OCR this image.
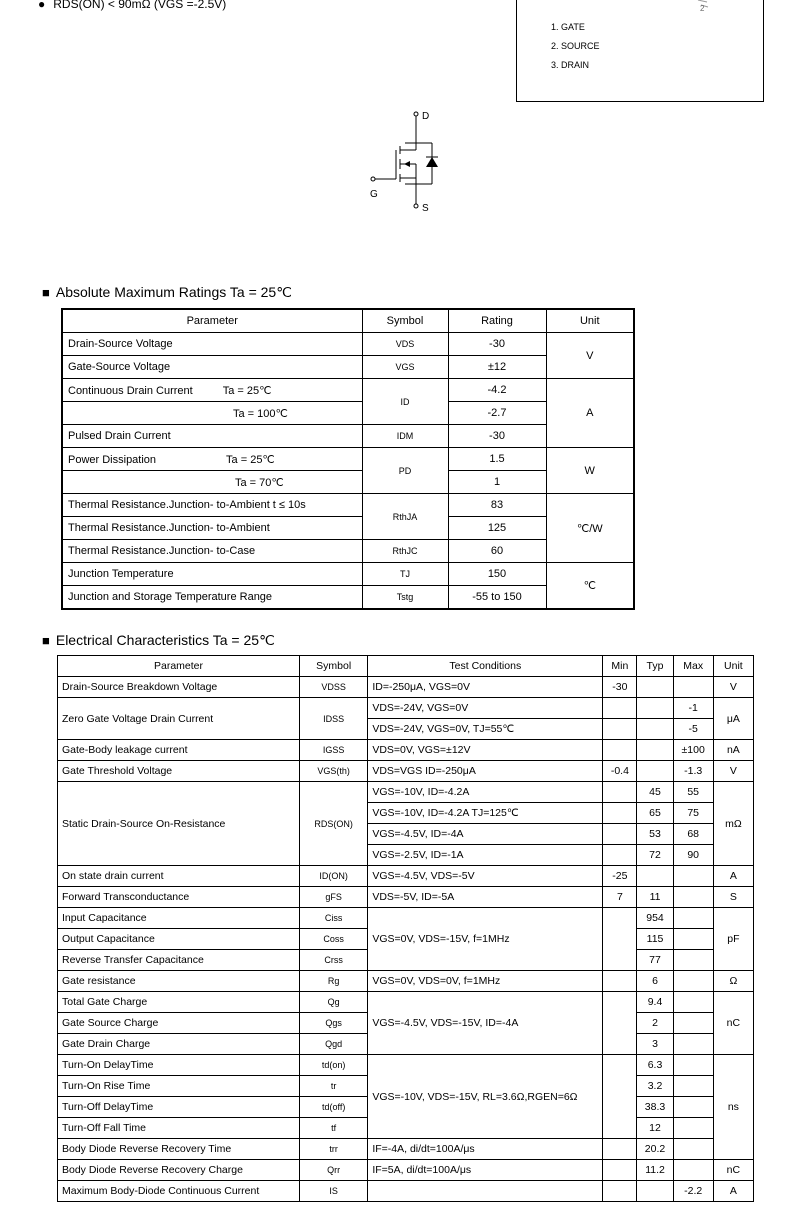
● RDS(ON) < 90mΩ (VGS =-2.5V)
1. GATE
2. SOURCE
3. DRAIN
2
D
G
S
■ Absolute Maximum Ratings Ta = 25℃
Parameter	Symbol	Rating	Unit
Drain-Source Voltage	VDS	-30	V
Gate-Source Voltage	VGS	±12	
Continuous Drain Current Ta = 25℃	ID	-4.2	A
Ta = 100℃		-2.7	
Pulsed Drain Current	IDM	-30	
Power Dissipation Ta = 25℃	PD	1.5	W
Ta = 70℃		1	
Thermal Resistance.Junction- to-Ambient t ≤ 10s	RthJA	83	℃/W
Thermal Resistance.Junction- to-Ambient		125	
Thermal Resistance.Junction- to-Case	RthJC	60	
Junction Temperature	TJ	150	℃
Junction and Storage Temperature Range	Tstg	-55 to 150	
■ Electrical Characteristics Ta = 25℃
Parameter	Symbol	Test Conditions	Min	Typ	Max	Unit
Drain-Source Breakdown Voltage	VDSS	ID=-250μA, VGS=0V	-30			V
Zero Gate Voltage Drain Current	IDSS	VDS=-24V, VGS=0V			-1	μA
		VDS=-24V, VGS=0V, TJ=55℃			-5	
Gate-Body leakage current	IGSS	VDS=0V, VGS=±12V			±100	nA
Gate Threshold Voltage	VGS(th)	VDS=VGS ID=-250μA	-0.4		-1.3	V
Static Drain-Source On-Resistance	RDS(ON)	VGS=-10V, ID=-4.2A		45	55	mΩ
		VGS=-10V, ID=-4.2A TJ=125℃		65	75	
		VGS=-4.5V, ID=-4A		53	68	
		VGS=-2.5V, ID=-1A		72	90	
On state drain current	ID(ON)	VGS=-4.5V, VDS=-5V	-25			A
Forward Transconductance	gFS	VDS=-5V, ID=-5A	7	11		S
Input Capacitance	Ciss	VGS=0V, VDS=-15V, f=1MHz		954		pF
Output Capacitance	Coss			115		
Reverse Transfer Capacitance	Crss			77		
Gate resistance	Rg	VGS=0V, VDS=0V, f=1MHz		6		Ω
Total Gate Charge	Qg	VGS=-4.5V, VDS=-15V, ID=-4A		9.4		nC
Gate Source Charge	Qgs			2		
Gate Drain Charge	Qgd			3		
Turn-On DelayTime	td(on)	VGS=-10V, VDS=-15V, RL=3.6Ω,RGEN=6Ω		6.3		ns
Turn-On Rise Time	tr			3.2		
Turn-Off DelayTime	td(off)			38.3		
Turn-Off Fall Time	tf			12		
Body Diode Reverse Recovery Time	trr	IF=-4A, di/dt=100A/μs		20.2		
Body Diode Reverse Recovery Charge	Qrr	IF=5A, di/dt=100A/μs		11.2		nC
Maximum Body-Diode Continuous Current	IS				-2.2	A
